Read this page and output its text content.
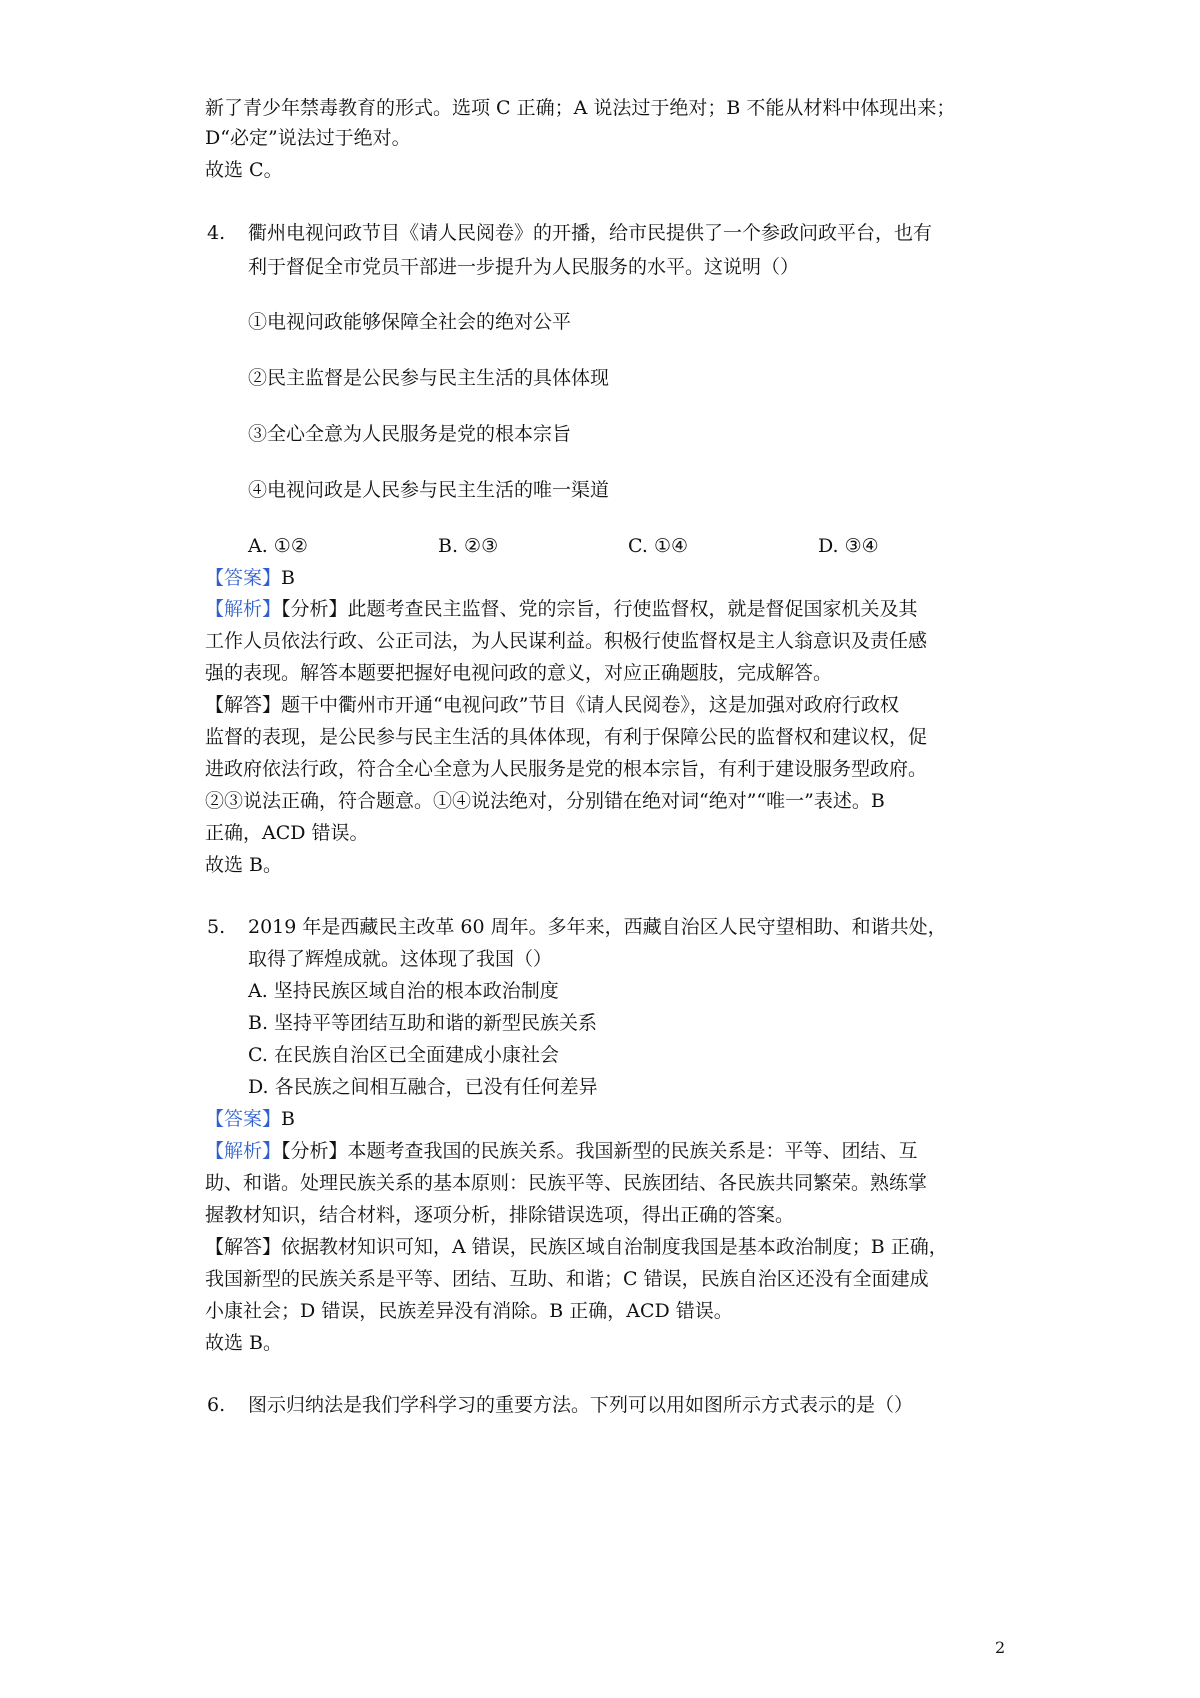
新了青少年禁毒教育的形式。选项 C 正确；A 说法过于绝对；B 不能从材料中体现出来；
D“必定”说法过于绝对。
故选 C。
4. 衢州电视问政节目《请人民阅卷》的开播，给市民提供了一个参政问政平台，也有
利于督促全市党员干部进一步提升为人民服务的水平。这说明（）
①电视问政能够保障全社会的绝对公平
②民主监督是公民参与民主生活的具体体现
③全心全意为人民服务是党的根本宗旨
④电视问政是人民参与民主生活的唯一渠道
A. ①②	B. ②③	C. ①④	D. ③④
【答案】B
【解析】【分析】此题考查民主监督、党的宗旨，行使监督权，就是督促国家机关及其
工作人员依法行政、公正司法，为人民谋利益。积极行使监督权是主人翁意识及责任感
强的表现。解答本题要把握好电视问政的意义，对应正确题肢，完成解答。
【解答】题干中衢州市开通“电视问政”节目《请人民阅卷》，这是加强对政府行政权
监督的表现，是公民参与民主生活的具体体现，有利于保障公民的监督权和建议权，促
进政府依法行政，符合全心全意为人民服务是党的根本宗旨，有利于建设服务型政府。
②③说法正确，符合题意。①④说法绝对，分别错在绝对词“绝对”“唯一”表述。B
正确，ACD 错误。
故选 B。
5. 2019 年是西藏民主改革 60 周年。多年来，西藏自治区人民守望相助、和谐共处，
取得了辉煌成就。这体现了我国（）
A. 坚持民族区域自治的根本政治制度
B. 坚持平等团结互助和谐的新型民族关系
C. 在民族自治区已全面建成小康社会
D. 各民族之间相互融合，已没有任何差异
【答案】B
【解析】【分析】本题考查我国的民族关系。我国新型的民族关系是：平等、团结、互
助、和谐。处理民族关系的基本原则：民族平等、民族团结、各民族共同繁荣。熟练掌
握教材知识，结合材料，逐项分析，排除错误选项，得出正确的答案。
【解答】依据教材知识可知，A 错误，民族区域自治制度我国是基本政治制度；B 正确，
我国新型的民族关系是平等、团结、互助、和谐；C 错误，民族自治区还没有全面建成
小康社会；D 错误，民族差异没有消除。B 正确，ACD 错误。
故选 B。
6. 图示归纳法是我们学科学习的重要方法。下列可以用如图所示方式表示的是（）
2
